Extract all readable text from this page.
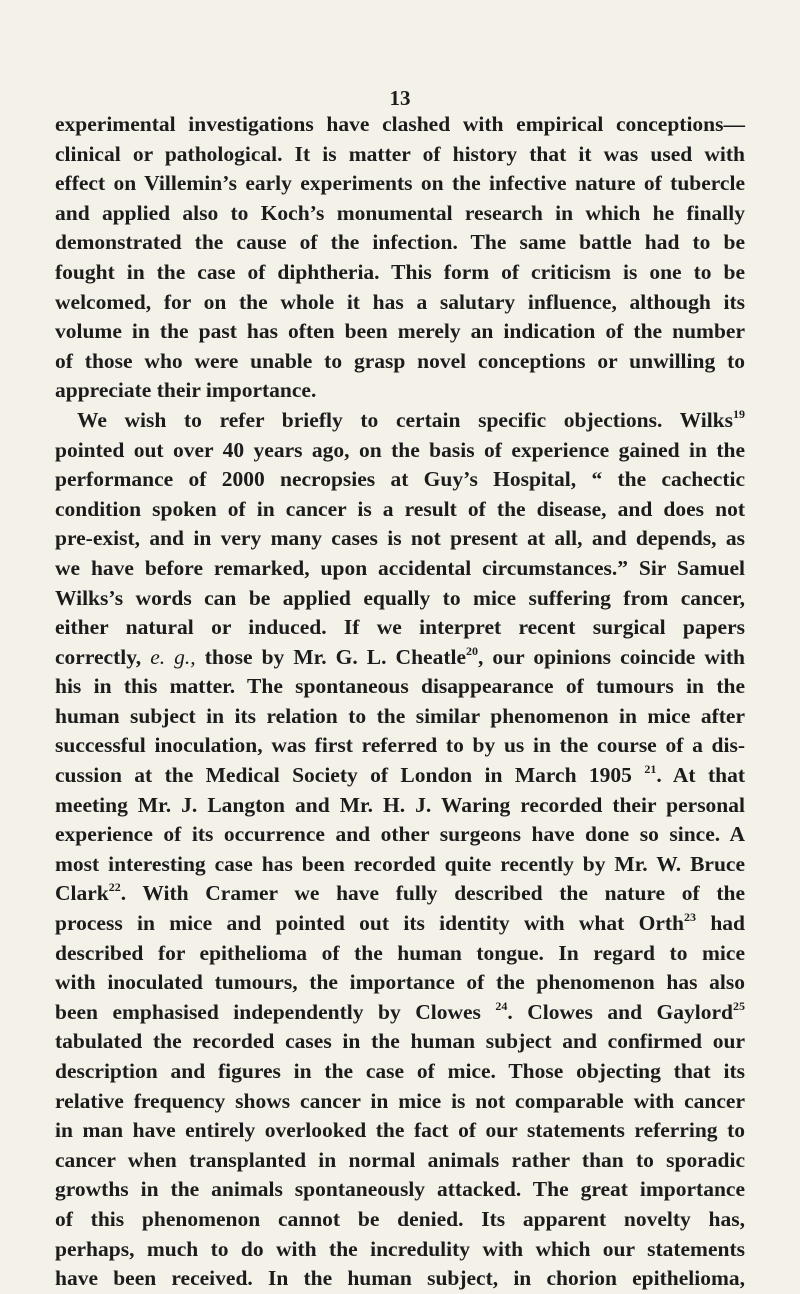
13
experimental investigations have clashed with empirical conceptions—
clinical or pathological. It is matter of history that it was used with
effect on Villemin’s early experiments on the infective nature of tubercle
and applied also to Koch’s monumental research in which he finally
demonstrated the cause of the infection. The same battle had to be
fought in the case of diphtheria. This form of criticism is one to be
welcomed, for on the whole it has a salutary influence, although its
volume in the past has often been merely an indication of the number
of those who were unable to grasp novel conceptions or unwilling to
appreciate their importance.
We wish to refer briefly to certain specific objections. Wilks$^{19}$
pointed out over 40 years ago, on the basis of experience gained in the
performance of 2000 necropsies at Guy’s Hospital, “ the cachectic
condition spoken of in cancer is a result of the disease, and does not
pre-exist, and in very many cases is not present at all, and depends, as
we have before remarked, upon accidental circumstances.” Sir Samuel
Wilks’s words can be applied equally to mice suffering from cancer,
either natural or induced. If we interpret recent surgical papers
correctly, e. g., those by Mr. G. L. Cheatle$^{20}$, our opinions coincide with
his in this matter. The spontaneous disappearance of tumours in the
human subject in its relation to the similar phenomenon in mice after
successful inoculation, was first referred to by us in the course of a dis-
cussion at the Medical Society of London in March 1905 $^{21}$. At that
meeting Mr. J. Langton and Mr. H. J. Waring recorded their personal
experience of its occurrence and other surgeons have done so since. A
most interesting case has been recorded quite recently by Mr. W. Bruce
Clark$^{22}$. With Cramer we have fully described the nature of the
process in mice and pointed out its identity with what Orth$^{23}$ had
described for epithelioma of the human tongue. In regard to mice
with inoculated tumours, the importance of the phenomenon has also
been emphasised independently by Clowes $^{24}$. Clowes and Gaylord$^{25}$
tabulated the recorded cases in the human subject and confirmed our
description and figures in the case of mice. Those objecting that its
relative frequency shows cancer in mice is not comparable with cancer
in man have entirely overlooked the fact of our statements referring to
cancer when transplanted in normal animals rather than to sporadic
growths in the animals spontaneously attacked. The great importance
of this phenomenon cannot be denied. Its apparent novelty has,
perhaps, much to do with the incredulity with which our statements
have been received. In the human subject, in chorion epithelioma,
